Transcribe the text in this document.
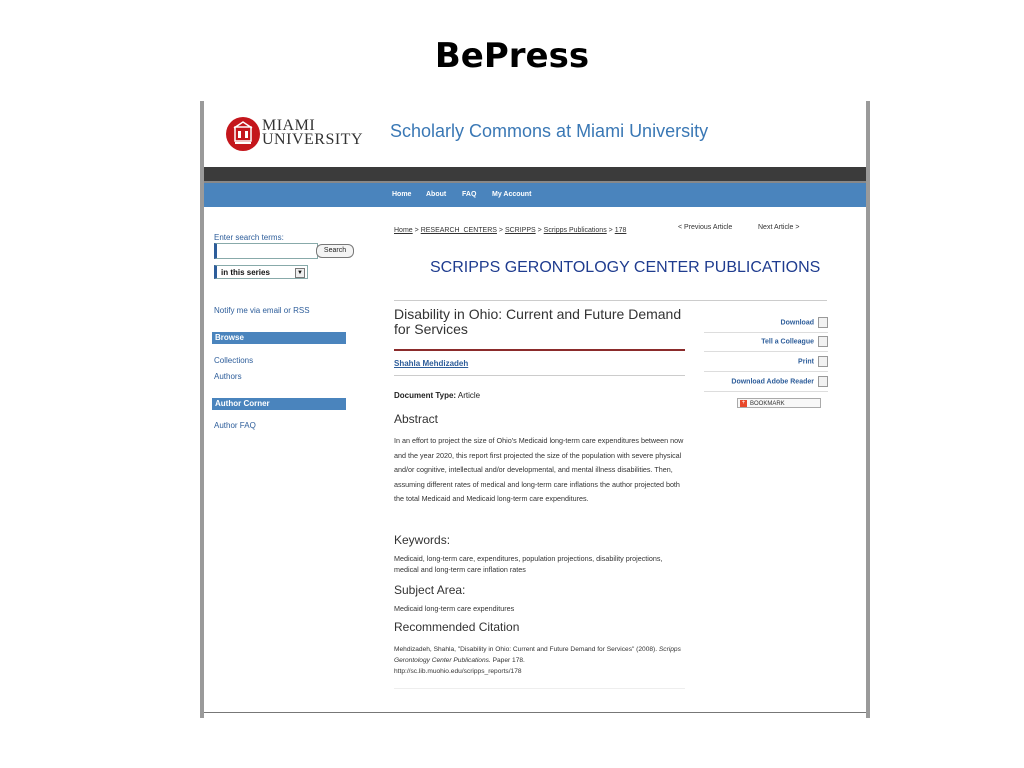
BePress
MIAMI
UNIVERSITY Scholarly Commons at Miami University
Home About FAQ My Account
Enter search terms:
Search
in this series	▼
Notify me via email or RSS
Browse
Collections
Authors
Author Corner
Author FAQ
Home > RESEARCH_CENTERS > SCRIPPS > Scripps Publications > 178	< Previous Article	Next Article >
SCRIPPS GERONTOLOGY CENTER PUBLICATIONS
Disability in Ohio: Current and Future Demand for Services
Shahla Mehdizadeh
Document Type: Article
Abstract
In an effort to project the size of Ohio's Medicaid long-term care expenditures between now and the year 2020, this report first projected the size of the population with severe physical and/or cognitive, intellectual and/or developmental, and mental illness disabilities. Then, assuming different rates of medical and long-term care inflations the author projected both the total Medicaid and Medicaid long-term care expenditures.
Keywords:
Medicaid, long-term care, expenditures, population projections, disability projections, medical and long-term care inflation rates
Subject Area:
Medicaid long-term care expenditures
Recommended Citation
Mehdizadeh, Shahla, "Disability in Ohio: Current and Future Demand for Services" (2008). Scripps Gerontology Center Publications. Paper 178.
http://sc.lib.muohio.edu/scripps_reports/178
Download
Tell a Colleague
Print
Download Adobe Reader
+ BOOKMARK
